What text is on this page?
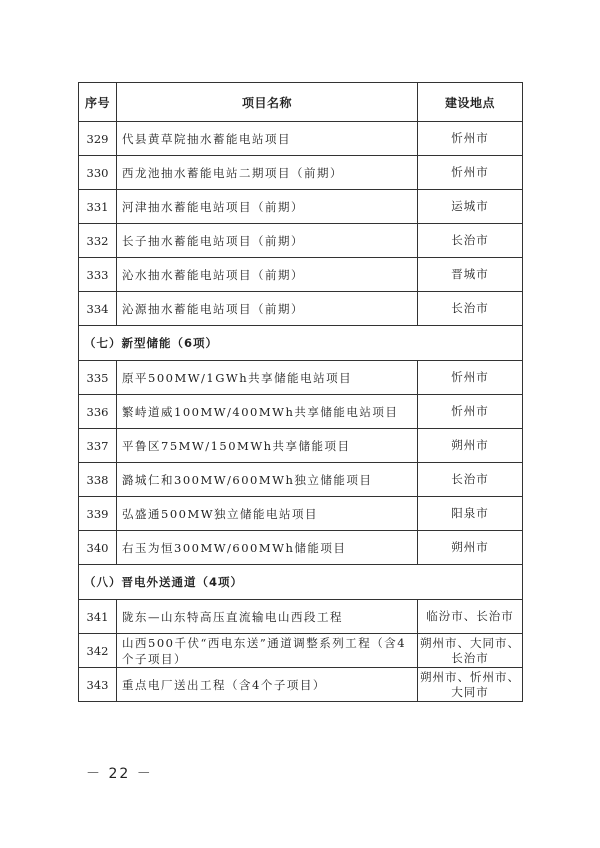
序号	项目名称	建设地点
329	代县黄草院抽水蓄能电站项目	忻州市
330	西龙池抽水蓄能电站二期项目（前期）	忻州市
331	河津抽水蓄能电站项目（前期）	运城市
332	长子抽水蓄能电站项目（前期）	长治市
333	沁水抽水蓄能电站项目（前期）	晋城市
334	沁源抽水蓄能电站项目（前期）	长治市
（七）新型储能（6项）		
335	原平500MW/1GWh共享储能电站项目	忻州市
336	繁峙道威100MW/400MWh共享储能电站项目	忻州市
337	平鲁区75MW/150MWh共享储能项目	朔州市
338	潞城仁和300MW/600MWh独立储能项目	长治市
339	弘盛通500MW独立储能电站项目	阳泉市
340	右玉为恒300MW/600MWh储能项目	朔州市
（八）晋电外送通道（4项）		
341	陇东—山东特高压直流输电山西段工程	临汾市、长治市
342	山西500千伏“西电东送”通道调整系列工程（含4个子项目）	朔州市、大同市、长治市
343	重点电厂送出工程（含4个子项目）	朔州市、忻州市、大同市
－ 22 －
